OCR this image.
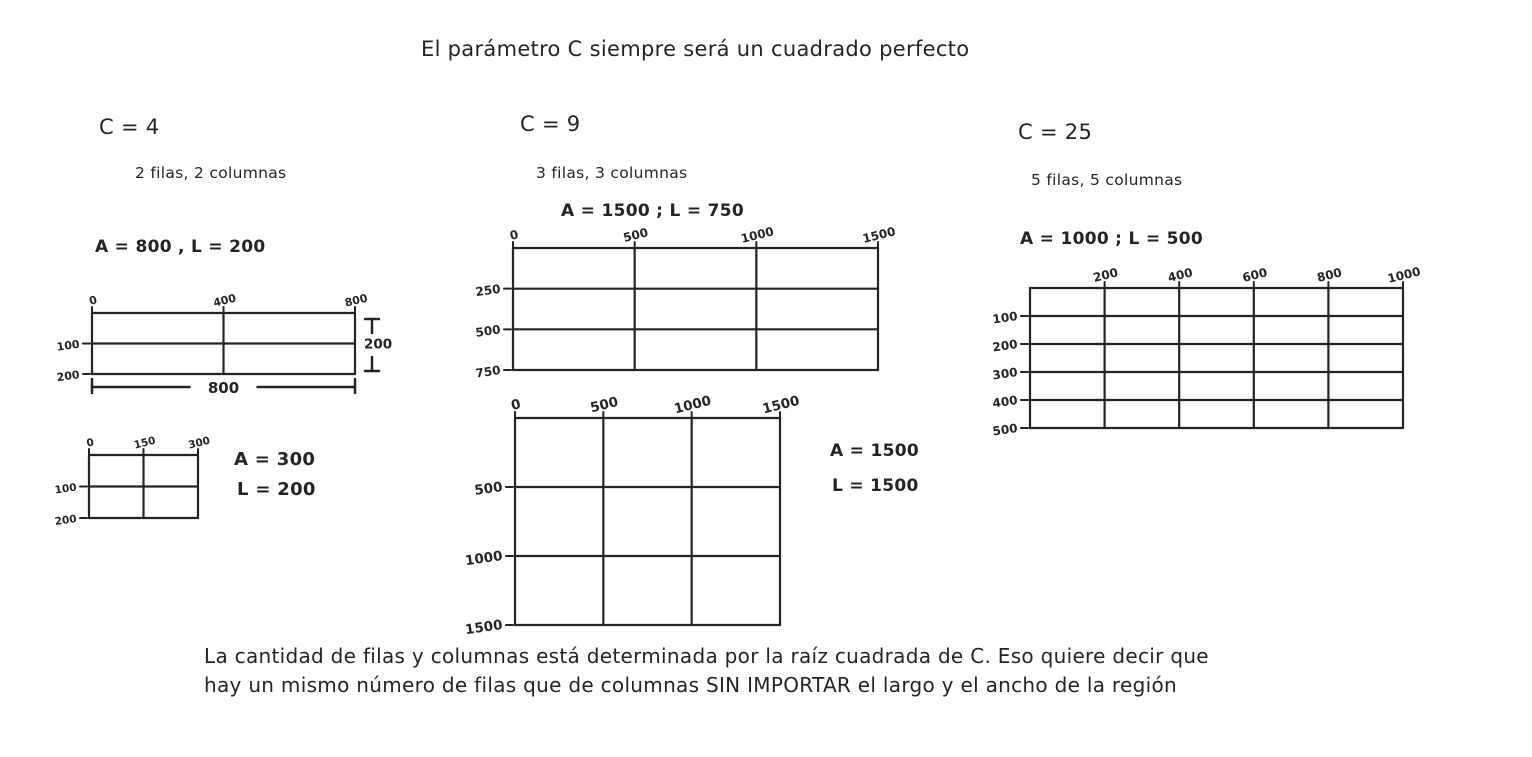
El parámetro C siempre será un cuadrado perfecto
C = 4
2 filas, 2 columnas
A = 800 , L = 200
0	400	800
100
200
800
200
0	150	300
100
200
A = 300
L = 200
C = 9
3 filas, 3 columnas
A = 1500 ; L = 750
0	500	1000	1500
250
500
750
0	500	1000	1500
500
1000
1500
A = 1500
L = 1500
C = 25
5 filas, 5 columnas
A = 1000 ; L = 500
200	400	600	800	1000
100
200
300
400
500
La cantidad de filas y columnas está determinada por la raíz cuadrada de C. Eso quiere decir que
hay un mismo número de filas que de columnas SIN IMPORTAR el largo y el ancho de la región
